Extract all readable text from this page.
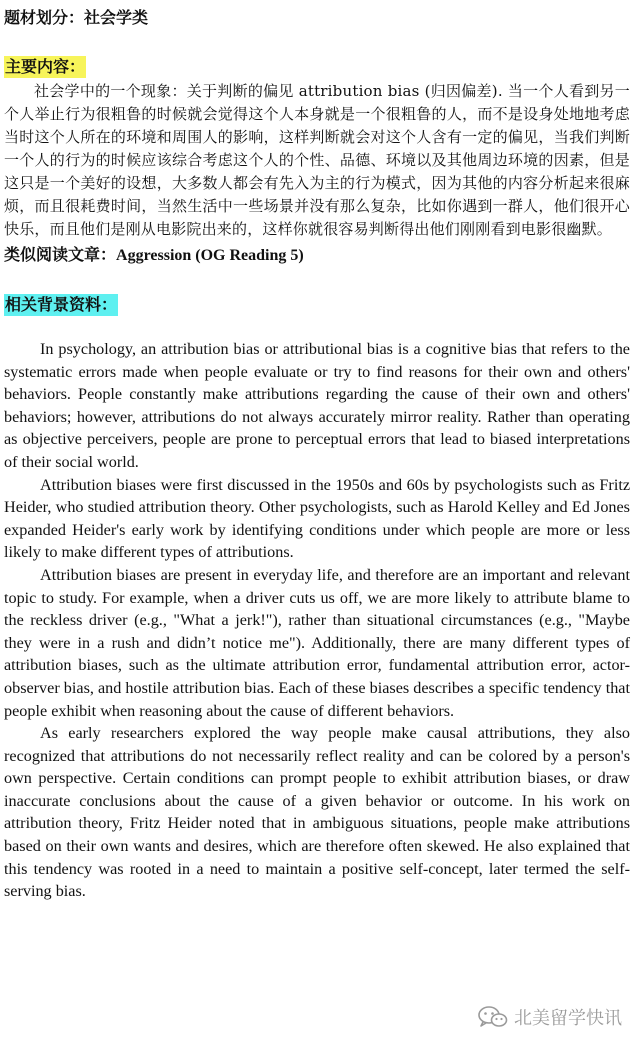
题材划分：社会学类
主要内容：

社会学中的一个现象：关于判断的偏见 attribution bias (归因偏差). 当一个人看到另一个人举止行为很粗鲁的时候就会觉得这个人本身就是一个很粗鲁的人，而不是设身处地地考虑当时这个人所在的环境和周围人的影响，这样判断就会对这个人含有一定的偏见，当我们判断一个人的行为的时候应该综合考虑这个人的个性、品德、环境以及其他周边环境的因素，但是这只是一个美好的设想，大多数人都会有先入为主的行为模式，因为其他的内容分析起来很麻烦，而且很耗费时间，当然生活中一些场景并没有那么复杂，比如你遇到一群人，他们很开心快乐，而且他们是刚从电影院出来的，这样你就很容易判断得出他们刚刚看到电影很幽默。

类似阅读文章：Aggression (OG Reading 5)
相关背景资料：

In psychology, an attribution bias or attributional bias is a cognitive bias that refers to the systematic errors made when people evaluate or try to find reasons for their own and others' behaviors. People constantly make attributions regarding the cause of their own and others' behaviors; however, attributions do not always accurately mirror reality. Rather than operating as objective perceivers, people are prone to perceptual errors that lead to biased interpretations of their social world.

Attribution biases were first discussed in the 1950s and 60s by psychologists such as Fritz Heider, who studied attribution theory. Other psychologists, such as Harold Kelley and Ed Jones expanded Heider's early work by identifying conditions under which people are more or less likely to make different types of attributions.

Attribution biases are present in everyday life, and therefore are an important and relevant topic to study. For example, when a driver cuts us off, we are more likely to attribute blame to the reckless driver (e.g., "What a jerk!"), rather than situational circumstances (e.g., "Maybe they were in a rush and didn’t notice me"). Additionally, there are many different types of attribution biases, such as the ultimate attribution error, fundamental attribution error, actor-observer bias, and hostile attribution bias. Each of these biases describes a specific tendency that people exhibit when reasoning about the cause of different behaviors.

As early researchers explored the way people make causal attributions, they also recognized that attributions do not necessarily reflect reality and can be colored by a person's own perspective. Certain conditions can prompt people to exhibit attribution biases, or draw inaccurate conclusions about the cause of a given behavior or outcome. In his work on attribution theory, Fritz Heider noted that in ambiguous situations, people make attributions based on their own wants and desires, which are therefore often skewed. He also explained that this tendency was rooted in a need to maintain a positive self-concept, later termed the self-serving bias.

北美留学快讯
